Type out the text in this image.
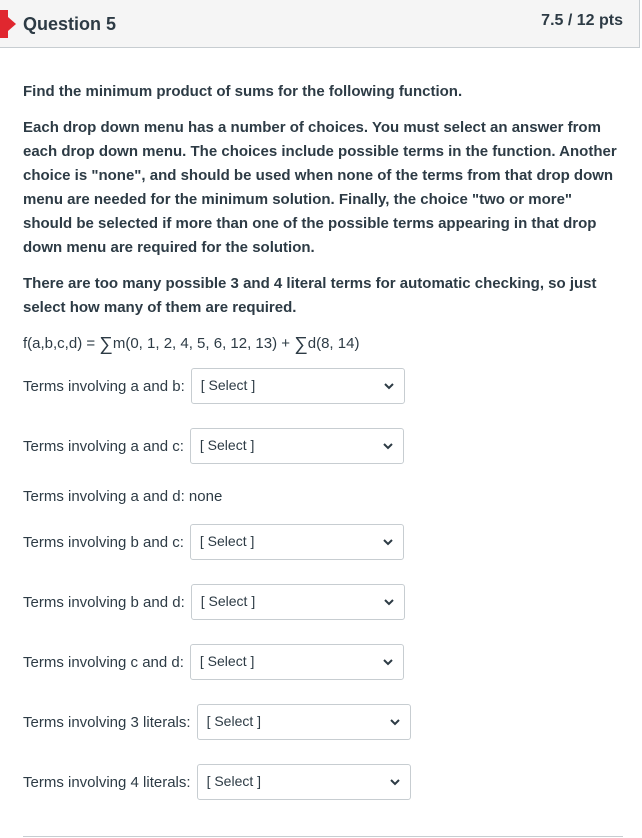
Question 5	7.5 / 12 pts

Find the minimum product of sums for the following function.

Each drop down menu has a number of choices. You must select an answer from each drop down menu. The choices include possible terms in the function. Another choice is "none", and should be used when none of the terms from that drop down menu are needed for the minimum solution. Finally, the choice "two or more" should be selected if more than one of the possible terms appearing in that drop down menu are required for the solution.

There are too many possible 3 and 4 literal terms for automatic checking, so just select how many of them are required.

f(a,b,c,d) = ∑m(0, 1, 2, 4, 5, 6, 12, 13) + ∑d(8, 14)

Terms involving a and b: [ Select ]
Terms involving a and c: [ Select ]
Terms involving a and d: none
Terms involving b and c: [ Select ]
Terms involving b and d: [ Select ]
Terms involving c and d: [ Select ]
Terms involving 3 literals: [ Select ]
Terms involving 4 literals: [ Select ]
